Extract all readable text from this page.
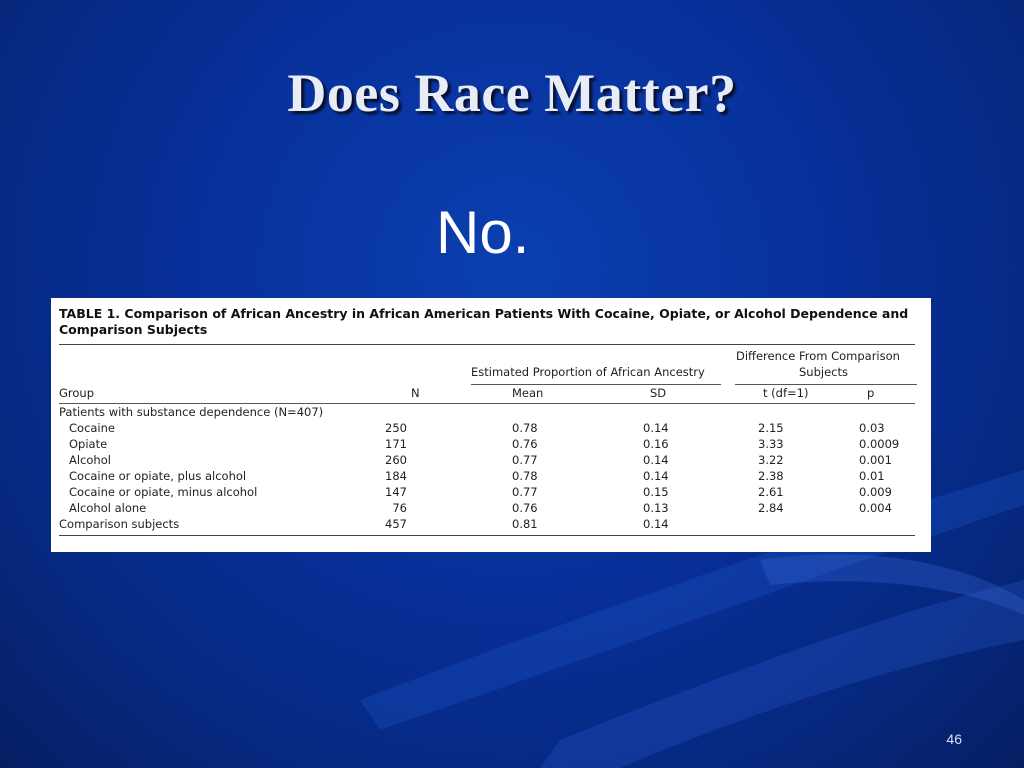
Does Race Matter?

No.

TABLE 1. Comparison of African Ancestry in African American Patients With Cocaine, Opiate, or Alcohol Dependence and Comparison Subjects

Difference From Comparison
Subjects
Estimated Proportion of African Ancestry
Group	N	Mean	SD	t (df=1)	p
Patients with substance dependence (N=407)
Cocaine	250	0.78	0.14	2.15	0.03
Opiate	171	0.76	0.16	3.33	0.0009
Alcohol	260	0.77	0.14	3.22	0.001
Cocaine or opiate, plus alcohol	184	0.78	0.14	2.38	0.01
Cocaine or opiate, minus alcohol	147	0.77	0.15	2.61	0.009
Alcohol alone	76	0.76	0.13	2.84	0.004
Comparison subjects	457	0.81	0.14
46
